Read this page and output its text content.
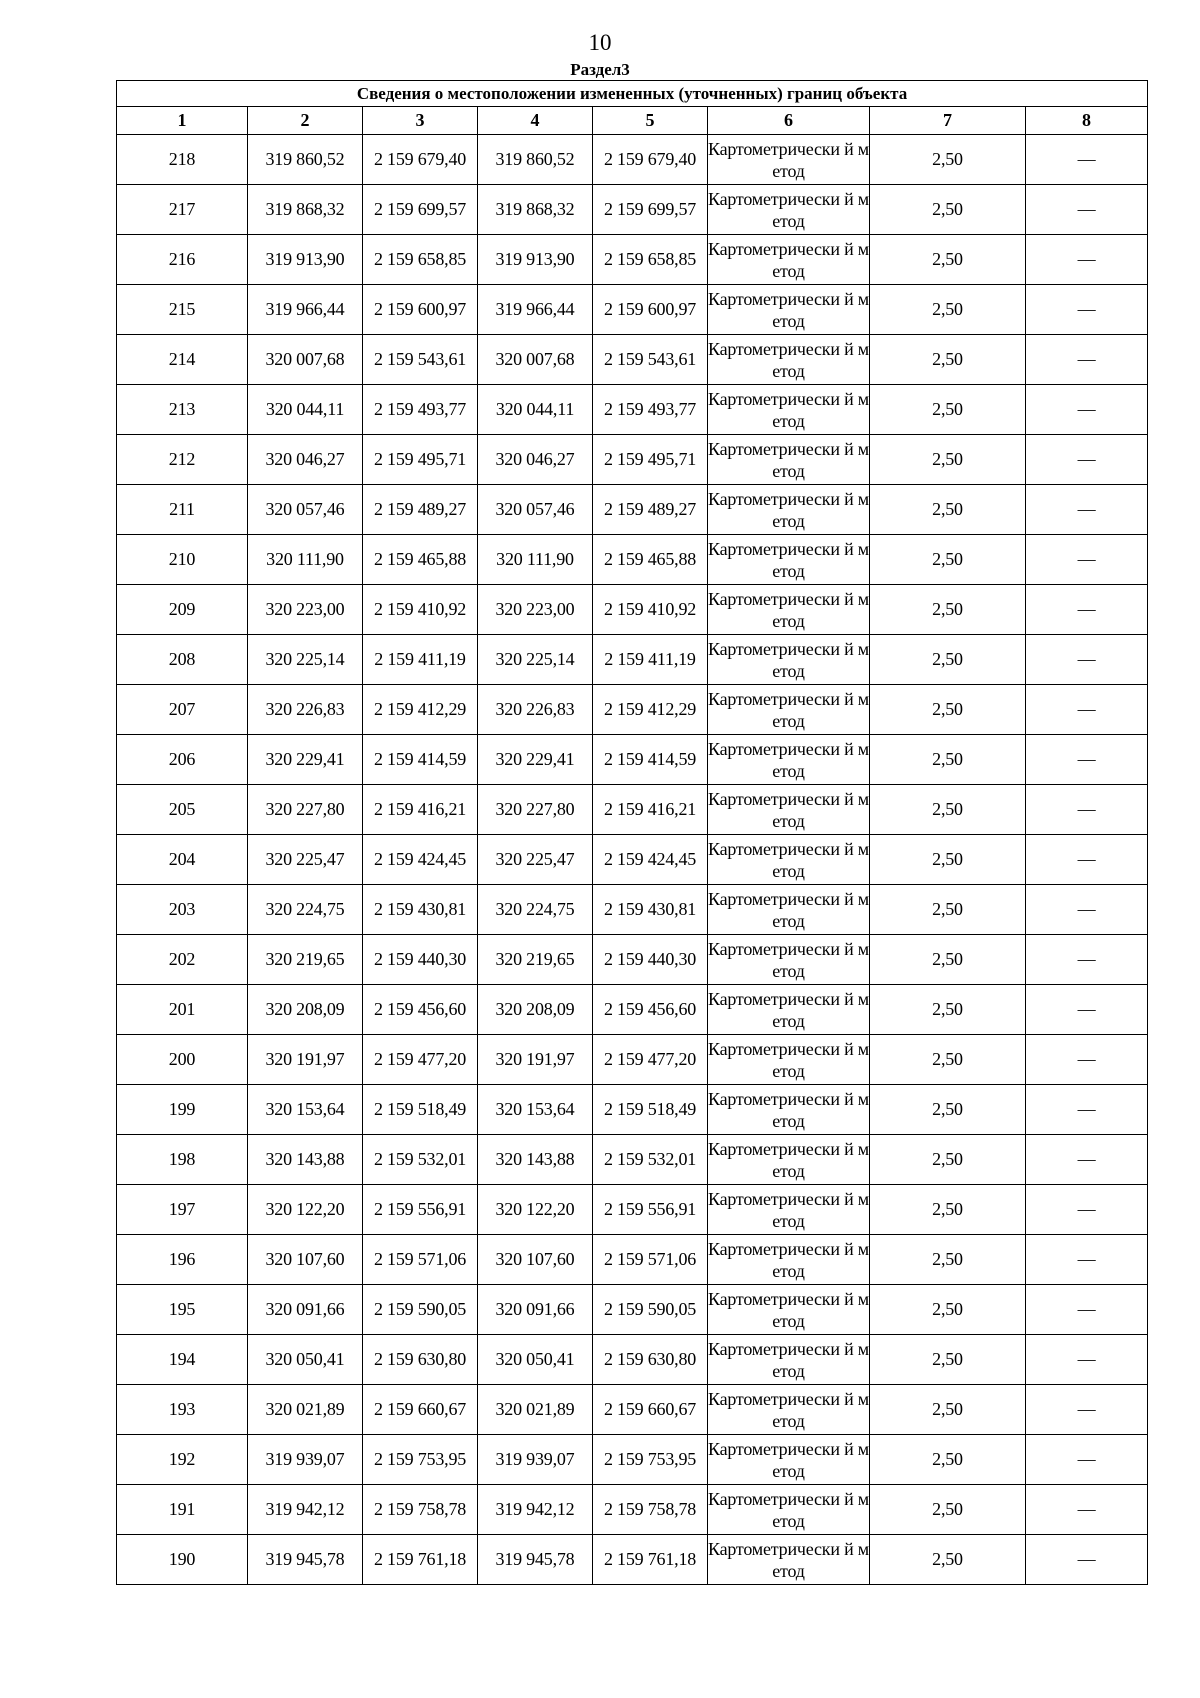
10
Раздел3
Сведения о местоположении измененных (уточненных) границ объекта							
1	2	3	4	5	6	7	8
218	319 860,52	2 159 679,40	319 860,52	2 159 679,40	Картометрически й метод	2,50	—
217	319 868,32	2 159 699,57	319 868,32	2 159 699,57	Картометрически й метод	2,50	—
216	319 913,90	2 159 658,85	319 913,90	2 159 658,85	Картометрически й метод	2,50	—
215	319 966,44	2 159 600,97	319 966,44	2 159 600,97	Картометрически й метод	2,50	—
214	320 007,68	2 159 543,61	320 007,68	2 159 543,61	Картометрически й метод	2,50	—
213	320 044,11	2 159 493,77	320 044,11	2 159 493,77	Картометрически й метод	2,50	—
212	320 046,27	2 159 495,71	320 046,27	2 159 495,71	Картометрически й метод	2,50	—
211	320 057,46	2 159 489,27	320 057,46	2 159 489,27	Картометрически й метод	2,50	—
210	320 111,90	2 159 465,88	320 111,90	2 159 465,88	Картометрически й метод	2,50	—
209	320 223,00	2 159 410,92	320 223,00	2 159 410,92	Картометрически й метод	2,50	—
208	320 225,14	2 159 411,19	320 225,14	2 159 411,19	Картометрически й метод	2,50	—
207	320 226,83	2 159 412,29	320 226,83	2 159 412,29	Картометрически й метод	2,50	—
206	320 229,41	2 159 414,59	320 229,41	2 159 414,59	Картометрически й метод	2,50	—
205	320 227,80	2 159 416,21	320 227,80	2 159 416,21	Картометрически й метод	2,50	—
204	320 225,47	2 159 424,45	320 225,47	2 159 424,45	Картометрически й метод	2,50	—
203	320 224,75	2 159 430,81	320 224,75	2 159 430,81	Картометрически й метод	2,50	—
202	320 219,65	2 159 440,30	320 219,65	2 159 440,30	Картометрически й метод	2,50	—
201	320 208,09	2 159 456,60	320 208,09	2 159 456,60	Картометрически й метод	2,50	—
200	320 191,97	2 159 477,20	320 191,97	2 159 477,20	Картометрически й метод	2,50	—
199	320 153,64	2 159 518,49	320 153,64	2 159 518,49	Картометрически й метод	2,50	—
198	320 143,88	2 159 532,01	320 143,88	2 159 532,01	Картометрически й метод	2,50	—
197	320 122,20	2 159 556,91	320 122,20	2 159 556,91	Картометрически й метод	2,50	—
196	320 107,60	2 159 571,06	320 107,60	2 159 571,06	Картометрически й метод	2,50	—
195	320 091,66	2 159 590,05	320 091,66	2 159 590,05	Картометрически й метод	2,50	—
194	320 050,41	2 159 630,80	320 050,41	2 159 630,80	Картометрически й метод	2,50	—
193	320 021,89	2 159 660,67	320 021,89	2 159 660,67	Картометрически й метод	2,50	—
192	319 939,07	2 159 753,95	319 939,07	2 159 753,95	Картометрически й метод	2,50	—
191	319 942,12	2 159 758,78	319 942,12	2 159 758,78	Картометрически й метод	2,50	—
190	319 945,78	2 159 761,18	319 945,78	2 159 761,18	Картометрически й метод	2,50	—
